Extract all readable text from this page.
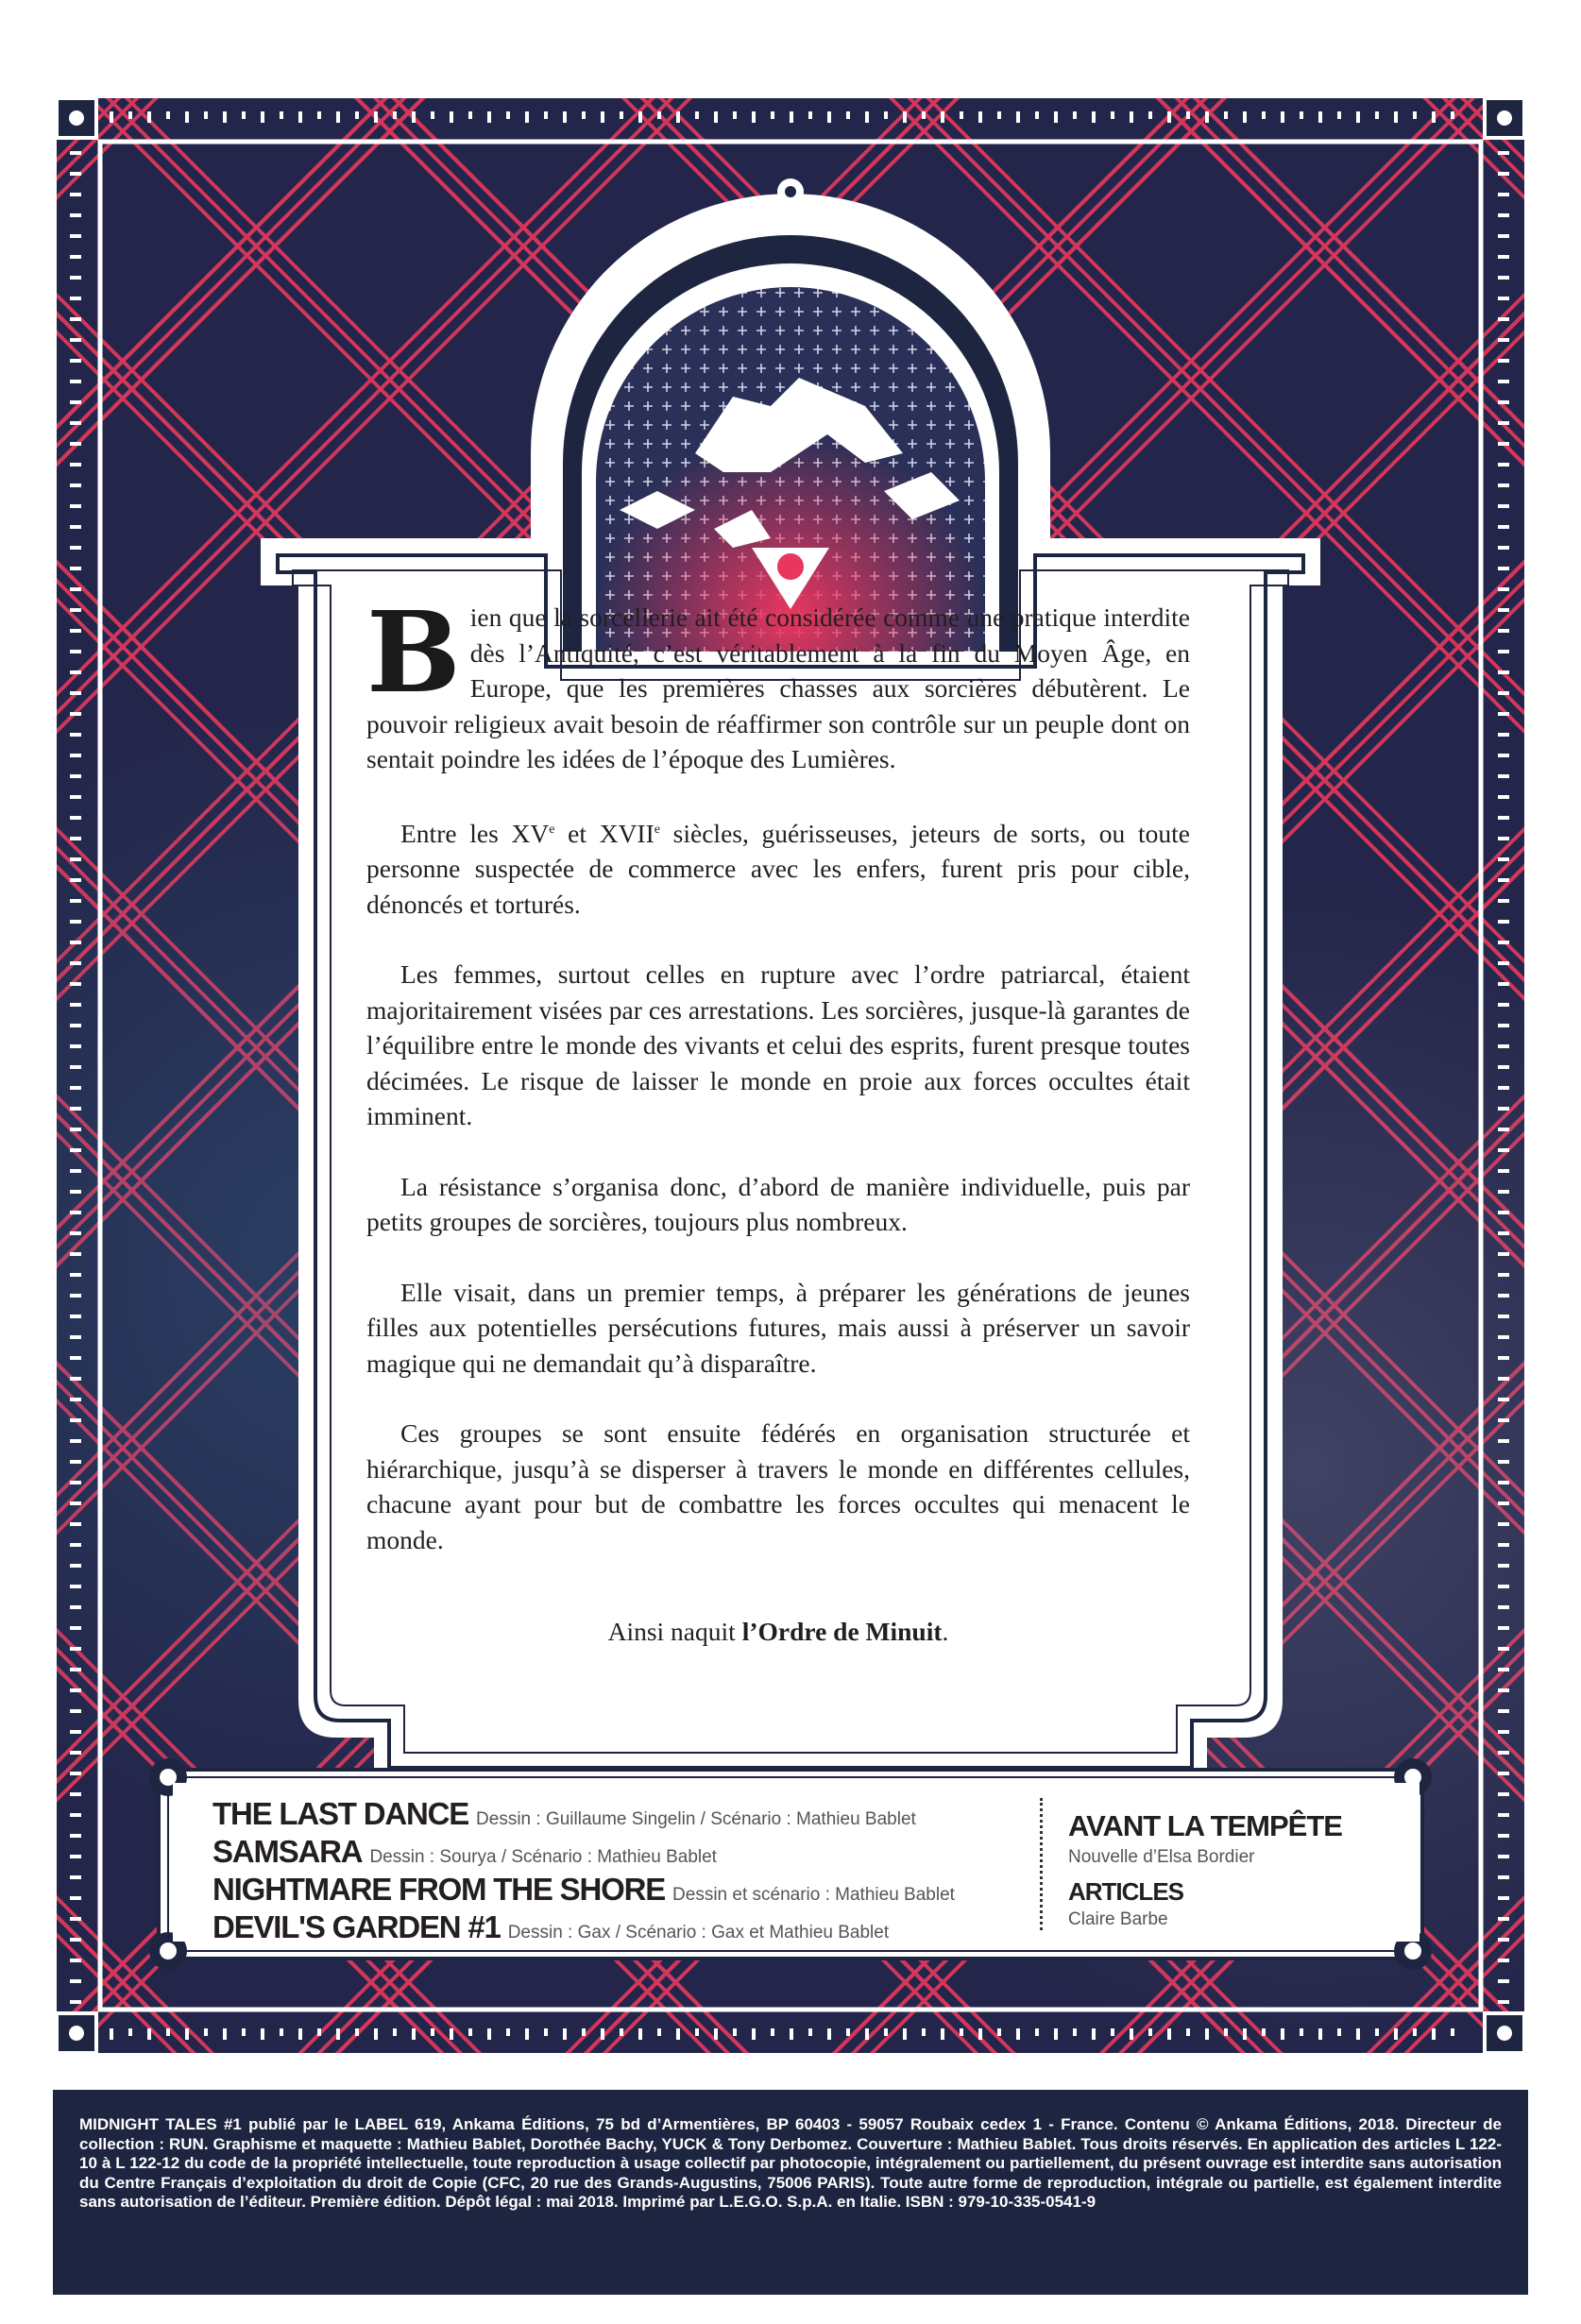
Bien que la sorcellerie ait été considérée comme une pratique interdite dès l’Antiquité, c’est véritablement à la fin du Moyen Âge, en Europe, que les premières chasses aux sorcières débutèrent. Le pouvoir religieux avait besoin de réaffirmer son contrôle sur un peuple dont on sentait poindre les idées de l’époque des Lumières.

Entre les XVe et XVIIe siècles, guérisseuses, jeteurs de sorts, ou toute personne suspectée de commerce avec les enfers, furent pris pour cible, dénoncés et torturés.

Les femmes, surtout celles en rupture avec l’ordre patriarcal, étaient majoritairement visées par ces arrestations. Les sorcières, jusque-là garantes de l’équilibre entre le monde des vivants et celui des esprits, furent presque toutes décimées. Le risque de laisser le monde en proie aux forces occultes était imminent.

La résistance s’organisa donc, d’abord de manière individuelle, puis par petits groupes de sorcières, toujours plus nombreux.

Elle visait, dans un premier temps, à préparer les générations de jeunes filles aux potentielles persécutions futures, mais aussi à préserver un savoir magique qui ne demandait qu’à disparaître.

Ces groupes se sont ensuite fédérés en organisation structurée et hiérarchique, jusqu’à se disperser à travers le monde en différentes cellules, chacune ayant pour but de combattre les forces occultes qui menacent le monde.

Ainsi naquit l’Ordre de Minuit.

THE LAST DANCE Dessin : Guillaume Singelin / Scénario : Mathieu Bablet
SAMSARA Dessin : Sourya / Scénario : Mathieu Bablet
NIGHTMARE FROM THE SHORE Dessin et scénario : Mathieu Bablet
DEVIL'S GARDEN #1 Dessin : Gax / Scénario : Gax et Mathieu Bablet
AVANT LA TEMPÊTE
Nouvelle d’Elsa Bordier
ARTICLES
Claire Barbe
MIDNIGHT TALES #1 publié par le LABEL 619, Ankama Éditions, 75 bd d’Armentières, BP 60403 - 59057 Roubaix cedex 1 - France. Contenu © Ankama Éditions, 2018. Directeur de collection : RUN. Graphisme et maquette : Mathieu Bablet, Dorothée Bachy, YUCK & Tony Derbomez. Couverture : Mathieu Bablet. Tous droits réservés. En application des articles L 122-10 à L 122-12 du code de la propriété intellectuelle, toute reproduction à usage collectif par photocopie, intégralement ou partiellement, du présent ouvrage est interdite sans autorisation du Centre Français d’exploitation du droit de Copie (CFC, 20 rue des Grands-Augustins, 75006 PARIS). Toute autre forme de reproduction, intégrale ou partielle, est également interdite sans autorisation de l’éditeur. Première édition. Dépôt légal : mai 2018. Imprimé par L.E.G.O. S.p.A. en Italie. ISBN : 979-10-335-0541-9
